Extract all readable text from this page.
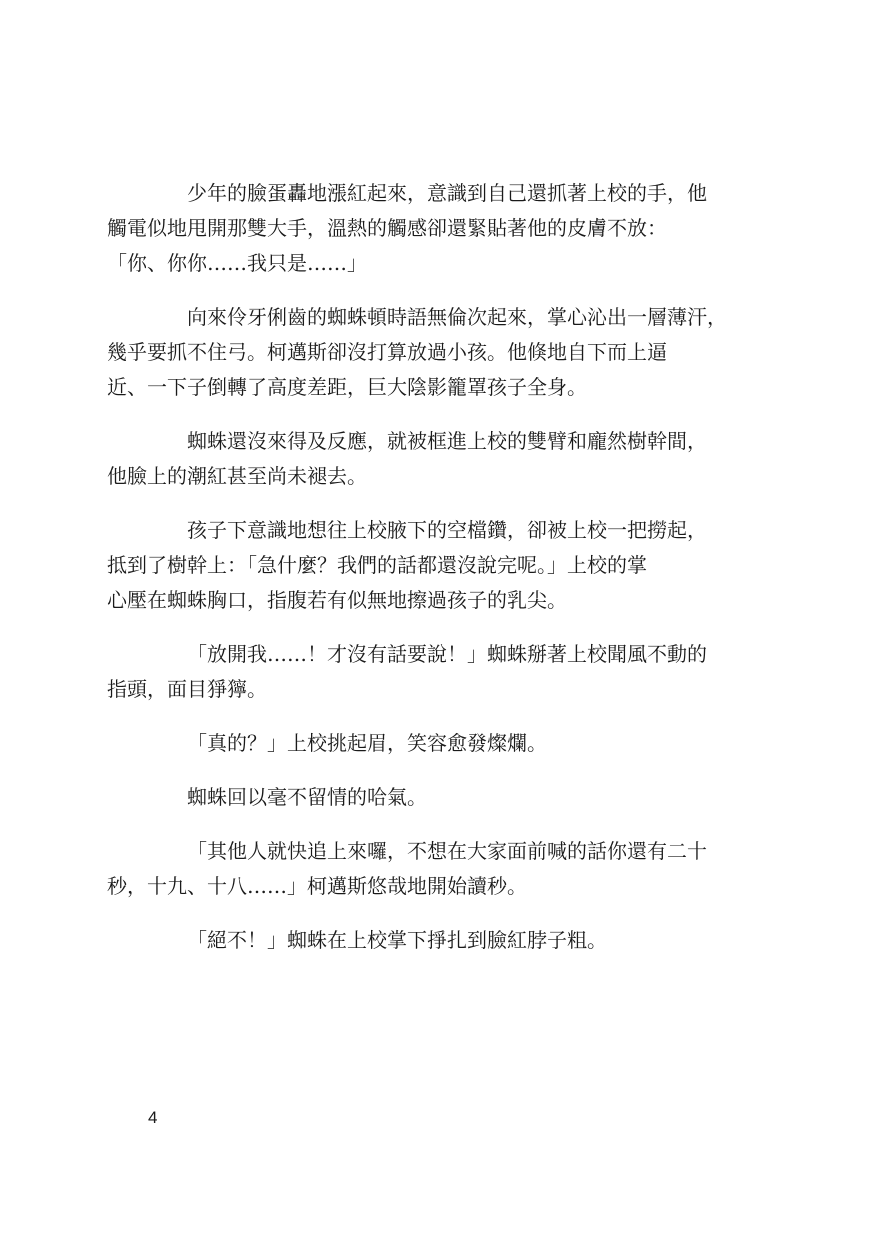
少年的臉蛋轟地漲紅起來，意識到自己還抓著上校的手，他
觸電似地甩開那雙大手，溫熱的觸感卻還緊貼著他的皮膚不放：
「你、你你……我只是……」

向來伶牙俐齒的蜘蛛頓時語無倫次起來，掌心沁出一層薄汗，
幾乎要抓不住弓。柯邁斯卻沒打算放過小孩。他倏地自下而上逼
近、一下子倒轉了高度差距，巨大陰影籠罩孩子全身。

蜘蛛還沒來得及反應，就被框進上校的雙臂和龐然樹幹間，
他臉上的潮紅甚至尚未褪去。

孩子下意識地想往上校腋下的空檔鑽，卻被上校一把撈起，
抵到了樹幹上：「急什麼？我們的話都還沒說完呢。」上校的掌
心壓在蜘蛛胸口，指腹若有似無地擦過孩子的乳尖。

「放開我……！才沒有話要說！」蜘蛛掰著上校聞風不動的
指頭，面目猙獰。

「真的？」上校挑起眉，笑容愈發燦爛。

蜘蛛回以毫不留情的哈氣。

「其他人就快追上來囉，不想在大家面前喊的話你還有二十
秒，十九、十八……」柯邁斯悠哉地開始讀秒。

「絕不！」蜘蛛在上校掌下掙扎到臉紅脖子粗。

4
